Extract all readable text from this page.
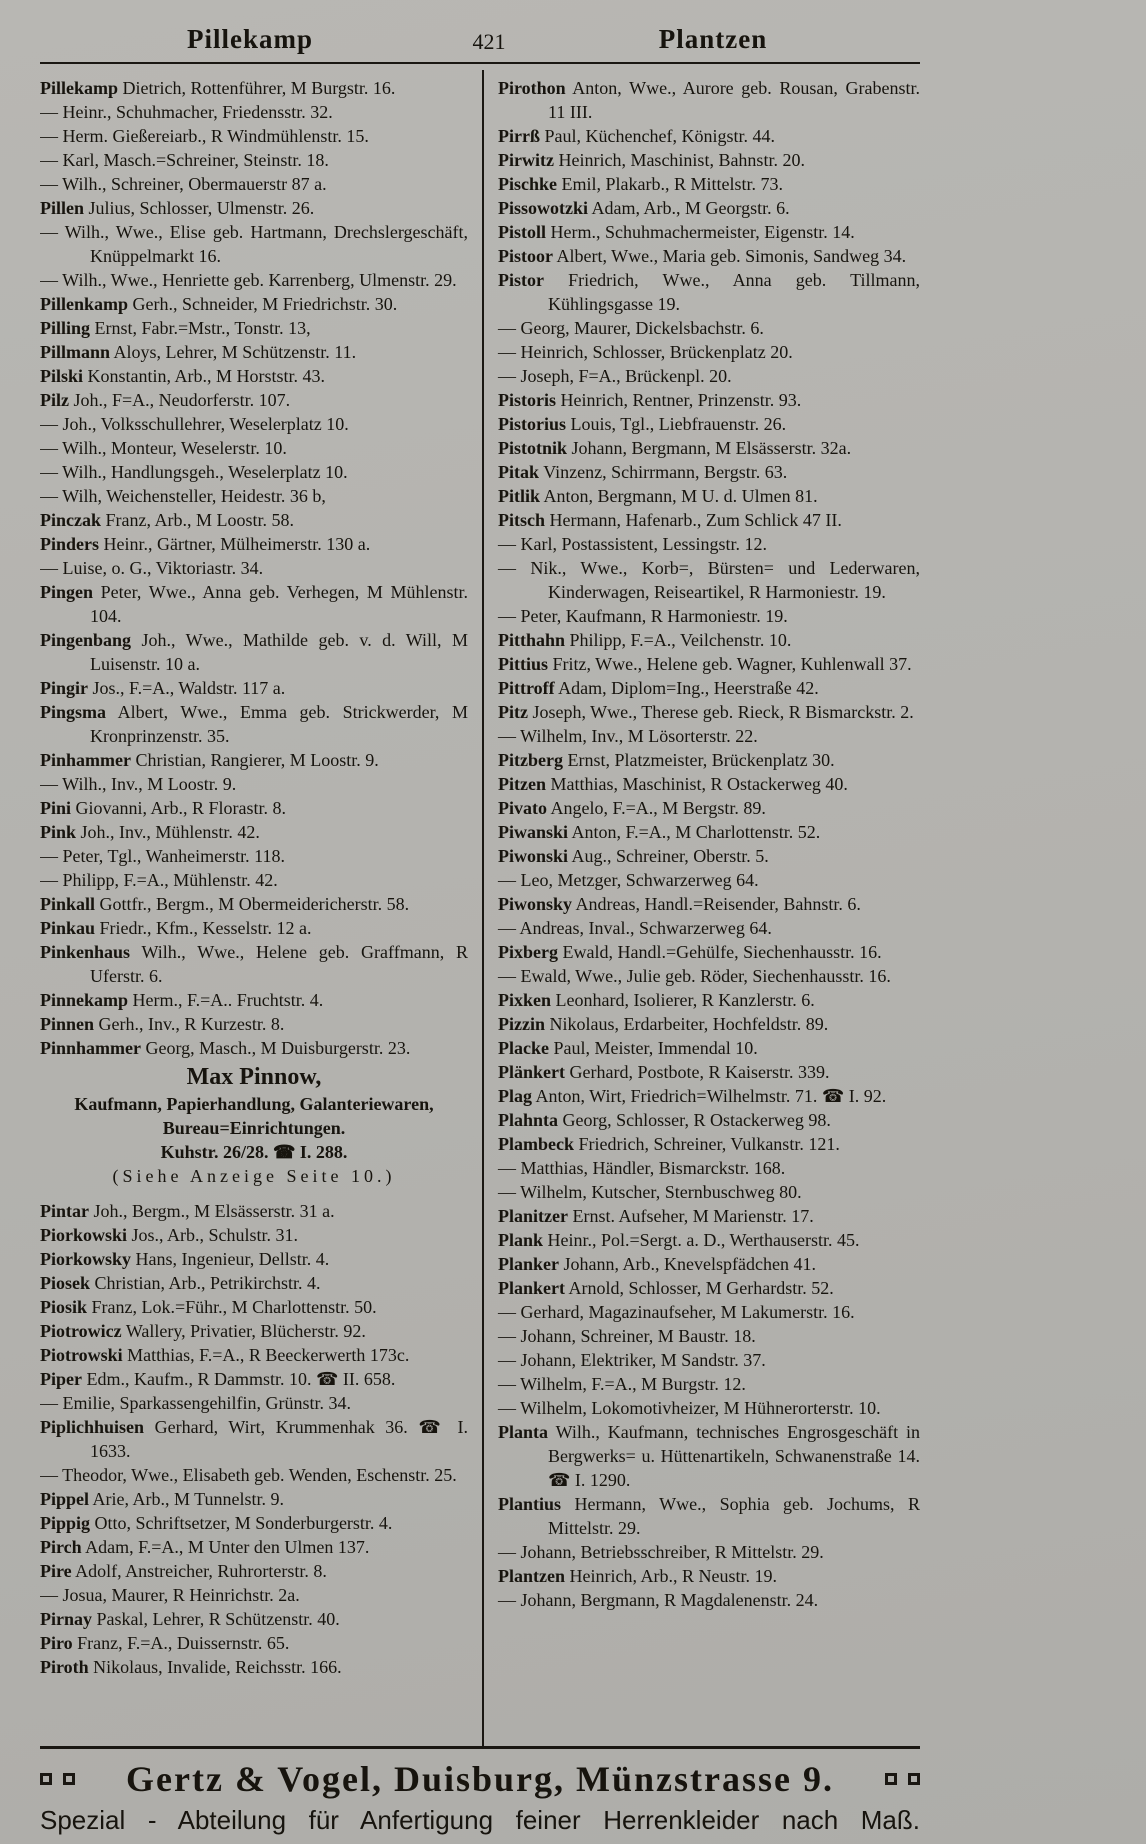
Pillekamp	421	Plantzen
Pillekamp Dietrich, Rottenführer, M Burgstr. 16.
— Heinr., Schuhmacher, Friedensstr. 32.
— Herm. Gießereiarb., R Windmühlenstr. 15.
— Karl, Masch.=Schreiner, Steinstr. 18.
— Wilh., Schreiner, Obermauerstr 87 a.
Pillen Julius, Schlosser, Ulmenstr. 26.
— Wilh., Wwe., Elise geb. Hartmann, Drechslergeschäft, Knüppelmarkt 16.
— Wilh., Wwe., Henriette geb. Karrenberg, Ulmenstr. 29.
Pillenkamp Gerh., Schneider, M Friedrichstr. 30.
Pilling Ernst, Fabr.=Mstr., Tonstr. 13,
Pillmann Aloys, Lehrer, M Schützenstr. 11.
Pilski Konstantin, Arb., M Horststr. 43.
Pilz Joh., F=A., Neudorferstr. 107.
— Joh., Volksschullehrer, Weselerplatz 10.
— Wilh., Monteur, Weselerstr. 10.
— Wilh., Handlungsgeh., Weselerplatz 10.
— Wilh, Weichensteller, Heidestr. 36 b,
Pinczak Franz, Arb., M Loostr. 58.
Pinders Heinr., Gärtner, Mülheimerstr. 130 a.
— Luise, o. G., Viktoriastr. 34.
Pingen Peter, Wwe., Anna geb. Verhegen, M Mühlenstr. 104.
Pingenbang Joh., Wwe., Mathilde geb. v. d. Will, M Luisenstr. 10 a.
Pingir Jos., F.=A., Waldstr. 117 a.
Pingsma Albert, Wwe., Emma geb. Strickwerder, M Kronprinzenstr. 35.
Pinhammer Christian, Rangierer, M Loostr. 9.
— Wilh., Inv., M Loostr. 9.
Pini Giovanni, Arb., R Florastr. 8.
Pink Joh., Inv., Mühlenstr. 42.
— Peter, Tgl., Wanheimerstr. 118.
— Philipp, F.=A., Mühlenstr. 42.
Pinkall Gottfr., Bergm., M Obermeidericherstr. 58.
Pinkau Friedr., Kfm., Kesselstr. 12 a.
Pinkenhaus Wilh., Wwe., Helene geb. Graffmann, R Uferstr. 6.
Pinnekamp Herm., F.=A.. Fruchtstr. 4.
Pinnen Gerh., Inv., R Kurzestr. 8.
Pinnhammer Georg, Masch., M Duisburgerstr. 23.
Max Pinnow,
Kaufmann, Papierhandlung, Galanteriewaren,
Bureau=Einrichtungen.
Kuhstr. 26/28. ☎ I. 288.
(Siehe Anzeige Seite 10.)
Pintar Joh., Bergm., M Elsässerstr. 31 a.
Piorkowski Jos., Arb., Schulstr. 31.
Piorkowsky Hans, Ingenieur, Dellstr. 4.
Piosek Christian, Arb., Petrikirchstr. 4.
Piosik Franz, Lok.=Führ., M Charlottenstr. 50.
Piotrowicz Wallery, Privatier, Blücherstr. 92.
Piotrowski Matthias, F.=A., R Beeckerwerth 173c.
Piper Edm., Kaufm., R Dammstr. 10. ☎ II. 658.
— Emilie, Sparkassengehilfin, Grünstr. 34.
Piplichhuisen Gerhard, Wirt, Krummenhak 36. ☎ I. 1633.
— Theodor, Wwe., Elisabeth geb. Wenden, Eschenstr. 25.
Pippel Arie, Arb., M Tunnelstr. 9.
Pippig Otto, Schriftsetzer, M Sonderburgerstr. 4.
Pirch Adam, F.=A., M Unter den Ulmen 137.
Pire Adolf, Anstreicher, Ruhrorterstr. 8.
— Josua, Maurer, R Heinrichstr. 2a.
Pirnay Paskal, Lehrer, R Schützenstr. 40.
Piro Franz, F.=A., Duissernstr. 65.
Piroth Nikolaus, Invalide, Reichsstr. 166.
Pirothon Anton, Wwe., Aurore geb. Rousan, Grabenstr. 11 III.
Pirrß Paul, Küchenchef, Königstr. 44.
Pirwitz Heinrich, Maschinist, Bahnstr. 20.
Pischke Emil, Plakarb., R Mittelstr. 73.
Pissowotzki Adam, Arb., M Georgstr. 6.
Pistoll Herm., Schuhmachermeister, Eigenstr. 14.
Pistoor Albert, Wwe., Maria geb. Simonis, Sandweg 34.
Pistor Friedrich, Wwe., Anna geb. Tillmann, Kühlingsgasse 19.
— Georg, Maurer, Dickelsbachstr. 6.
— Heinrich, Schlosser, Brückenplatz 20.
— Joseph, F=A., Brückenpl. 20.
Pistoris Heinrich, Rentner, Prinzenstr. 93.
Pistorius Louis, Tgl., Liebfrauenstr. 26.
Pistotnik Johann, Bergmann, M Elsässerstr. 32a.
Pitak Vinzenz, Schirrmann, Bergstr. 63.
Pitlik Anton, Bergmann, M U. d. Ulmen 81.
Pitsch Hermann, Hafenarb., Zum Schlick 47 II.
— Karl, Postassistent, Lessingstr. 12.
— Nik., Wwe., Korb=, Bürsten= und Lederwaren, Kinderwagen, Reiseartikel, R Harmoniestr. 19.
— Peter, Kaufmann, R Harmoniestr. 19.
Pitthahn Philipp, F.=A., Veilchenstr. 10.
Pittius Fritz, Wwe., Helene geb. Wagner, Kuhlenwall 37.
Pittroff Adam, Diplom=Ing., Heerstraße 42.
Pitz Joseph, Wwe., Therese geb. Rieck, R Bismarckstr. 2.
— Wilhelm, Inv., M Lösorterstr. 22.
Pitzberg Ernst, Platzmeister, Brückenplatz 30.
Pitzen Matthias, Maschinist, R Ostackerweg 40.
Pivato Angelo, F.=A., M Bergstr. 89.
Piwanski Anton, F.=A., M Charlottenstr. 52.
Piwonski Aug., Schreiner, Oberstr. 5.
— Leo, Metzger, Schwarzerweg 64.
Piwonsky Andreas, Handl.=Reisender, Bahnstr. 6.
— Andreas, Inval., Schwarzerweg 64.
Pixberg Ewald, Handl.=Gehülfe, Siechenhausstr. 16.
— Ewald, Wwe., Julie geb. Röder, Siechenhausstr. 16.
Pixken Leonhard, Isolierer, R Kanzlerstr. 6.
Pizzin Nikolaus, Erdarbeiter, Hochfeldstr. 89.
Placke Paul, Meister, Immendal 10.
Plänkert Gerhard, Postbote, R Kaiserstr. 339.
Plag Anton, Wirt, Friedrich=Wilhelmstr. 71. ☎ I. 92.
Plahnta Georg, Schlosser, R Ostackerweg 98.
Plambeck Friedrich, Schreiner, Vulkanstr. 121.
— Matthias, Händler, Bismarckstr. 168.
— Wilhelm, Kutscher, Sternbuschweg 80.
Planitzer Ernst. Aufseher, M Marienstr. 17.
Plank Heinr., Pol.=Sergt. a. D., Werthauserstr. 45.
Planker Johann, Arb., Knevelspfädchen 41.
Plankert Arnold, Schlosser, M Gerhardstr. 52.
— Gerhard, Magazinaufseher, M Lakumerstr. 16.
— Johann, Schreiner, M Baustr. 18.
— Johann, Elektriker, M Sandstr. 37.
— Wilhelm, F.=A., M Burgstr. 12.
— Wilhelm, Lokomotivheizer, M Hühnerorterstr. 10.
Planta Wilh., Kaufmann, technisches Engrosgeschäft in Bergwerks= u. Hüttenartikeln, Schwanenstraße 14. ☎ I. 1290.
Plantius Hermann, Wwe., Sophia geb. Jochums, R Mittelstr. 29.
— Johann, Betriebsschreiber, R Mittelstr. 29.
Plantzen Heinrich, Arb., R Neustr. 19.
— Johann, Bergmann, R Magdalenenstr. 24.
Gertz & Vogel, Duisburg, Münzstrasse 9.
Spezial - Abteilung für Anfertigung feiner Herrenkleider nach Maß.
